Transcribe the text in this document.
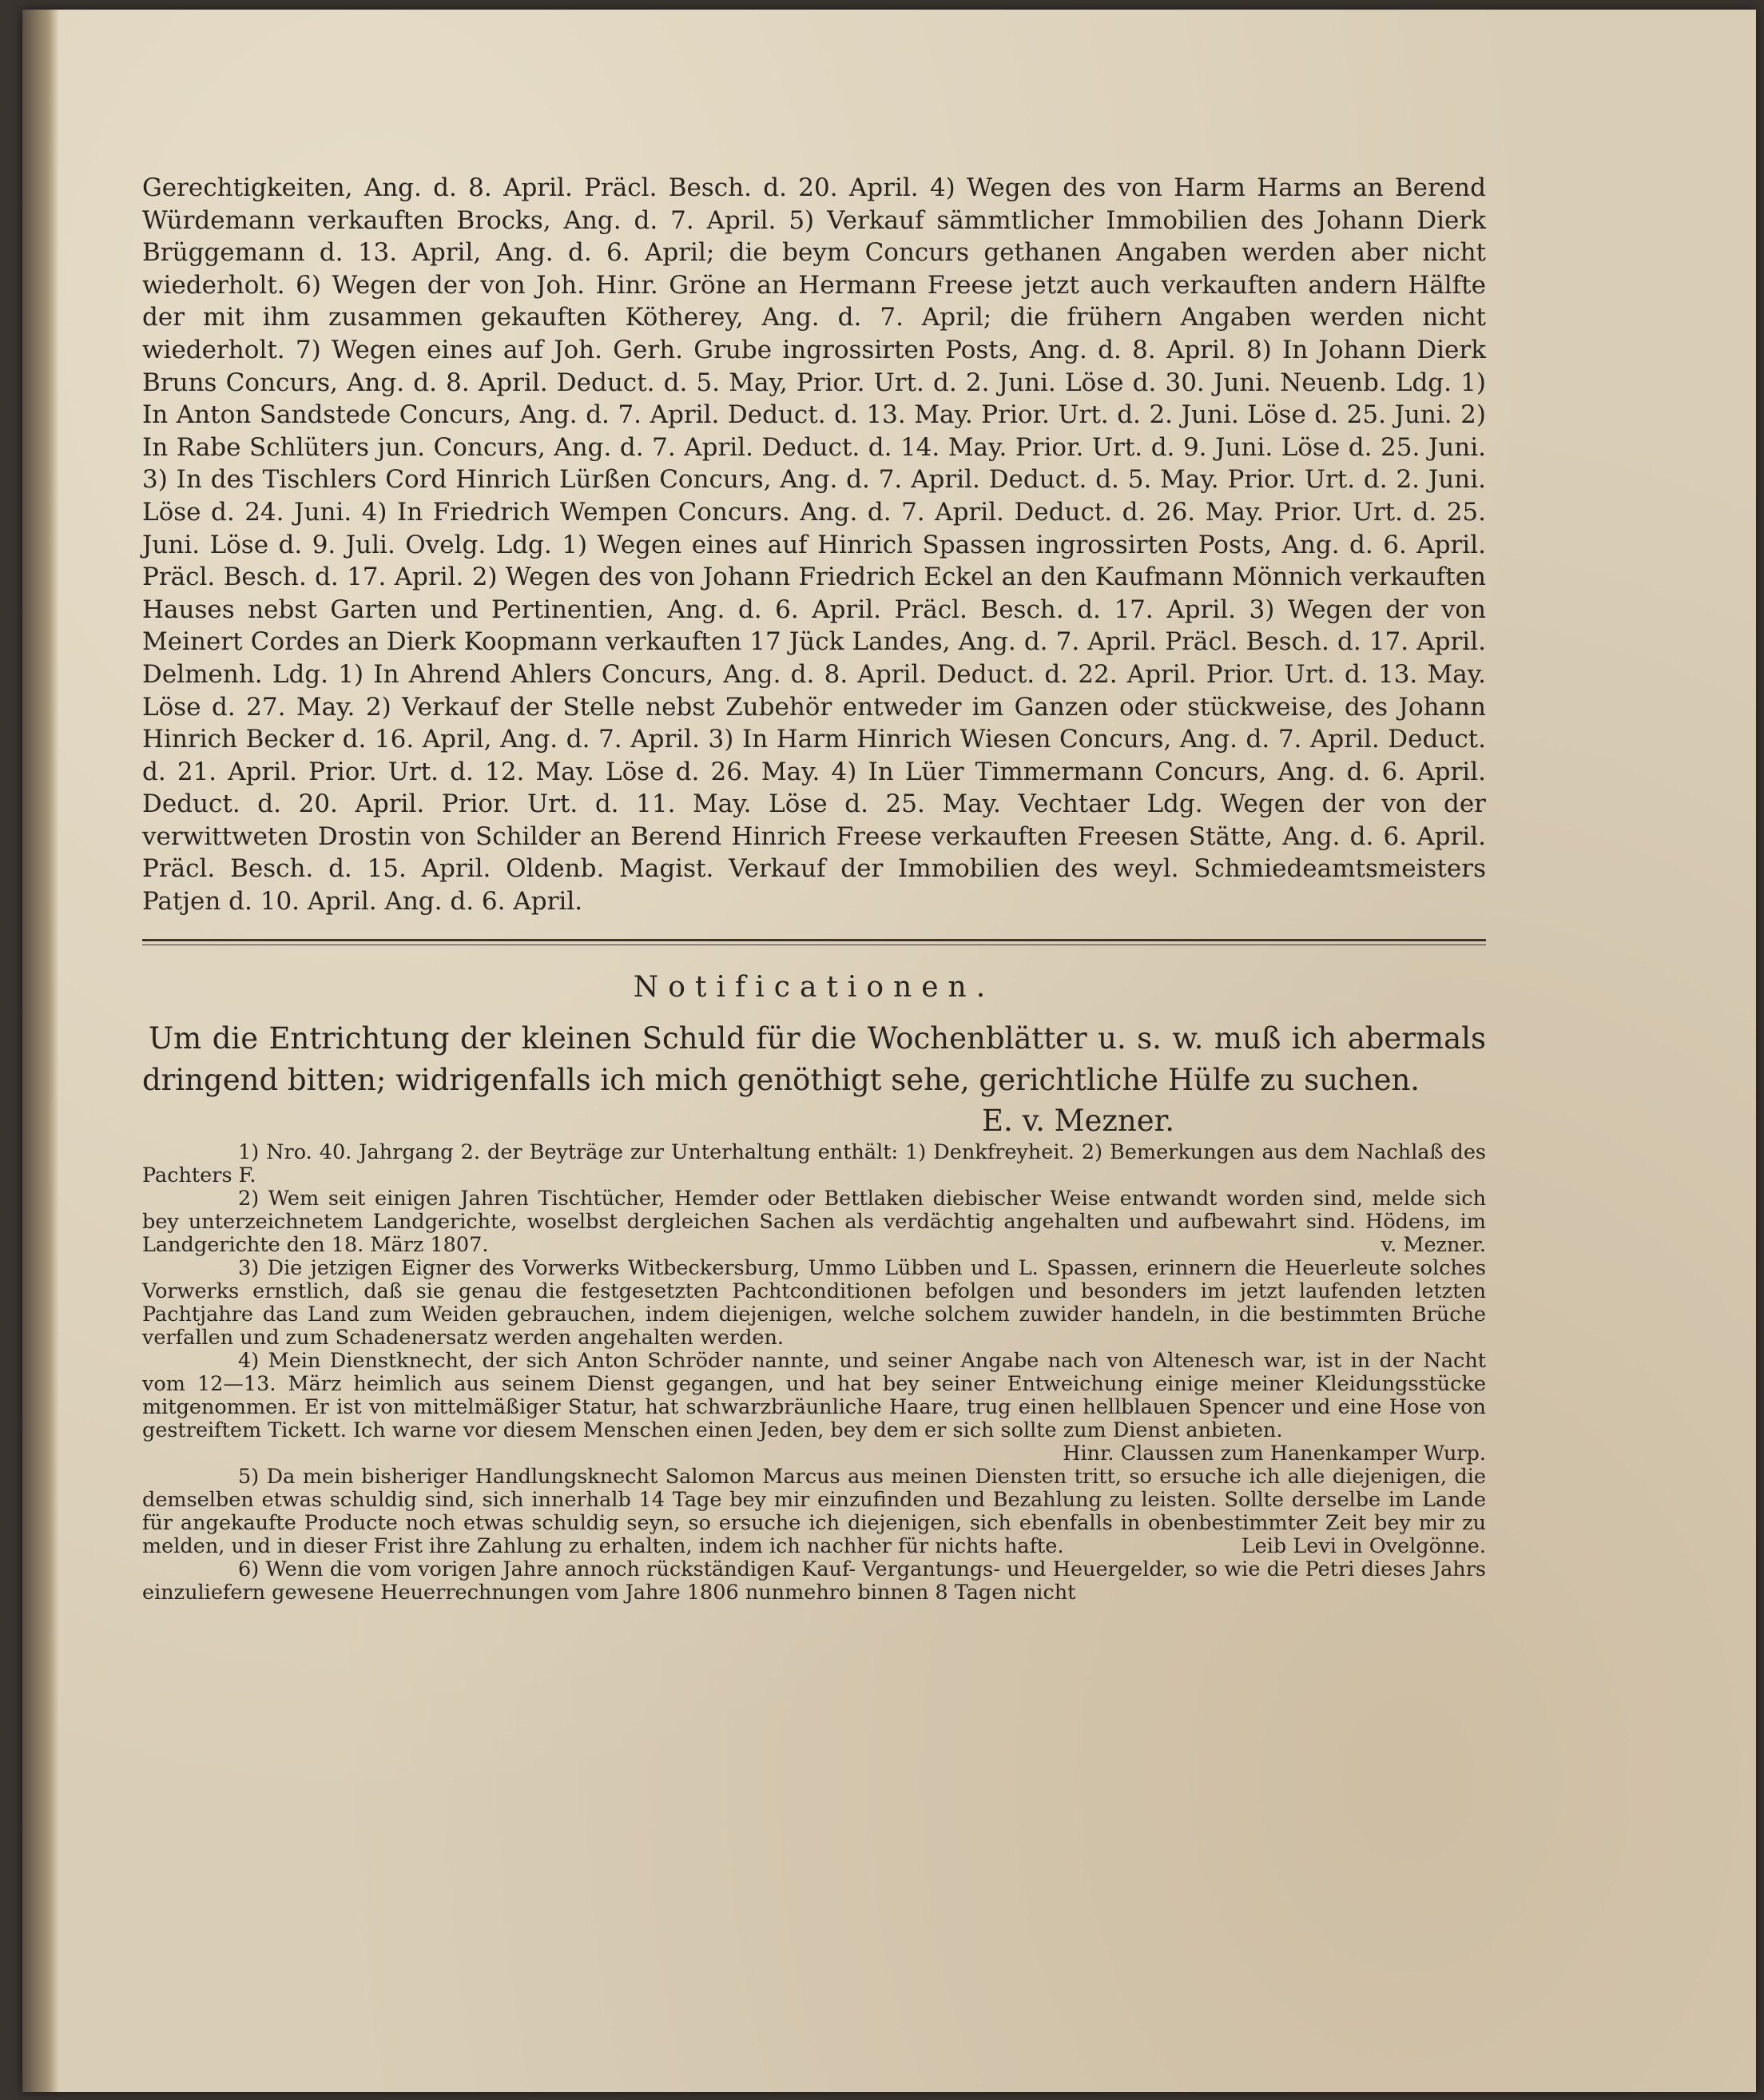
Gerechtigkeiten, Ang. d. 8. April. Präcl. Besch. d. 20. April. 4) Wegen des von Harm Harms an Berend Würdemann verkauften Brocks, Ang. d. 7. April. 5) Verkauf sämmtlicher Immobilien des Johann Dierk Brüggemann d. 13. April, Ang. d. 6. April; die beym Concurs gethanen Angaben werden aber nicht wiederholt. 6) Wegen der von Joh. Hinr. Gröne an Hermann Freese jetzt auch verkauften andern Hälfte der mit ihm zusammen gekauften Kötherey, Ang. d. 7. April; die frühern Angaben werden nicht wiederholt. 7) Wegen eines auf Joh. Gerh. Grube ingrossirten Posts, Ang. d. 8. April. 8) In Johann Dierk Bruns Concurs, Ang. d. 8. April. Deduct. d. 5. May, Prior. Urt. d. 2. Juni. Löse d. 30. Juni. Neuenb. Ldg. 1) In Anton Sandstede Concurs, Ang. d. 7. April. Deduct. d. 13. May. Prior. Urt. d. 2. Juni. Löse d. 25. Juni. 2) In Rabe Schlüters jun. Concurs, Ang. d. 7. April. Deduct. d. 14. May. Prior. Urt. d. 9. Juni. Löse d. 25. Juni. 3) In des Tischlers Cord Hinrich Lürßen Concurs, Ang. d. 7. April. Deduct. d. 5. May. Prior. Urt. d. 2. Juni. Löse d. 24. Juni. 4) In Friedrich Wempen Concurs. Ang. d. 7. April. Deduct. d. 26. May. Prior. Urt. d. 25. Juni. Löse d. 9. Juli. Ovelg. Ldg. 1) Wegen eines auf Hinrich Spassen ingrossirten Posts, Ang. d. 6. April. Präcl. Besch. d. 17. April. 2) Wegen des von Johann Friedrich Eckel an den Kaufmann Mönnich verkauften Hauses nebst Garten und Pertinentien, Ang. d. 6. April. Präcl. Besch. d. 17. April. 3) Wegen der von Meinert Cordes an Dierk Koopmann verkauften 17 Jück Landes, Ang. d. 7. April. Präcl. Besch. d. 17. April. Delmenh. Ldg. 1) In Ahrend Ahlers Concurs, Ang. d. 8. April. Deduct. d. 22. April. Prior. Urt. d. 13. May. Löse d. 27. May. 2) Verkauf der Stelle nebst Zubehör entweder im Ganzen oder stückweise, des Johann Hinrich Becker d. 16. April, Ang. d. 7. April. 3) In Harm Hinrich Wiesen Concurs, Ang. d. 7. April. Deduct. d. 21. April. Prior. Urt. d. 12. May. Löse d. 26. May. 4) In Lüer Timmermann Concurs, Ang. d. 6. April. Deduct. d. 20. April. Prior. Urt. d. 11. May. Löse d. 25. May. Vechtaer Ldg. Wegen der von der verwittweten Drostin von Schilder an Berend Hinrich Freese verkauften Freesen Stätte, Ang. d. 6. April. Präcl. Besch. d. 15. April. Oldenb. Magist. Verkauf der Immobilien des weyl. Schmiedeamtsmeisters Patjen d. 10. April. Ang. d. 6. April.

Notificationen.

Um die Entrichtung der kleinen Schuld für die Wochenblätter u. s. w. muß ich abermals dringend bitten; widrigenfalls ich mich genöthigt sehe, gerichtliche Hülfe zu suchen.

E. v. Mezner.

1) Nro. 40. Jahrgang 2. der Beyträge zur Unterhaltung enthält: 1) Denkfreyheit. 2) Bemerkungen aus dem Nachlaß des Pachters F.

2) Wem seit einigen Jahren Tischtücher, Hemder oder Bettlaken diebischer Weise entwandt worden sind, melde sich bey unterzeichnetem Landgerichte, woselbst dergleichen Sachen als verdächtig angehalten und aufbewahrt sind. Hödens, im Landgerichte den 18. März 1807.	v. Mezner.

3) Die jetzigen Eigner des Vorwerks Witbeckersburg, Ummo Lübben und L. Spassen, erinnern die Heuerleute solches Vorwerks ernstlich, daß sie genau die festgesetzten Pachtconditionen befolgen und besonders im jetzt laufenden letzten Pachtjahre das Land zum Weiden gebrauchen, indem diejenigen, welche solchem zuwider handeln, in die bestimmten Brüche verfallen und zum Schadenersatz werden angehalten werden.

4) Mein Dienstknecht, der sich Anton Schröder nannte, und seiner Angabe nach von Altenesch war, ist in der Nacht vom 12—13. März heimlich aus seinem Dienst gegangen, und hat bey seiner Entweichung einige meiner Kleidungsstücke mitgenommen. Er ist von mittelmäßiger Statur, hat schwarzbräunliche Haare, trug einen hellblauen Spencer und eine Hose von gestreiftem Tickett. Ich warne vor diesem Menschen einen Jeden, bey dem er sich sollte zum Dienst anbieten.
Hinr. Claussen zum Hanenkamper Wurp.

5) Da mein bisheriger Handlungsknecht Salomon Marcus aus meinen Diensten tritt, so ersuche ich alle diejenigen, die demselben etwas schuldig sind, sich innerhalb 14 Tage bey mir einzufinden und Bezahlung zu leisten. Sollte derselbe im Lande für angekaufte Producte noch etwas schuldig seyn, so ersuche ich diejenigen, sich ebenfalls in obenbestimmter Zeit bey mir zu melden, und in dieser Frist ihre Zahlung zu erhalten, indem ich nachher für nichts hafte.	Leib Levi in Ovelgönne.

6) Wenn die vom vorigen Jahre annoch rückständigen Kauf- Vergantungs- und Heuergelder, so wie die Petri dieses Jahrs einzuliefern gewesene Heuerrechnungen vom Jahre 1806 nunmehro binnen 8 Tagen nicht
